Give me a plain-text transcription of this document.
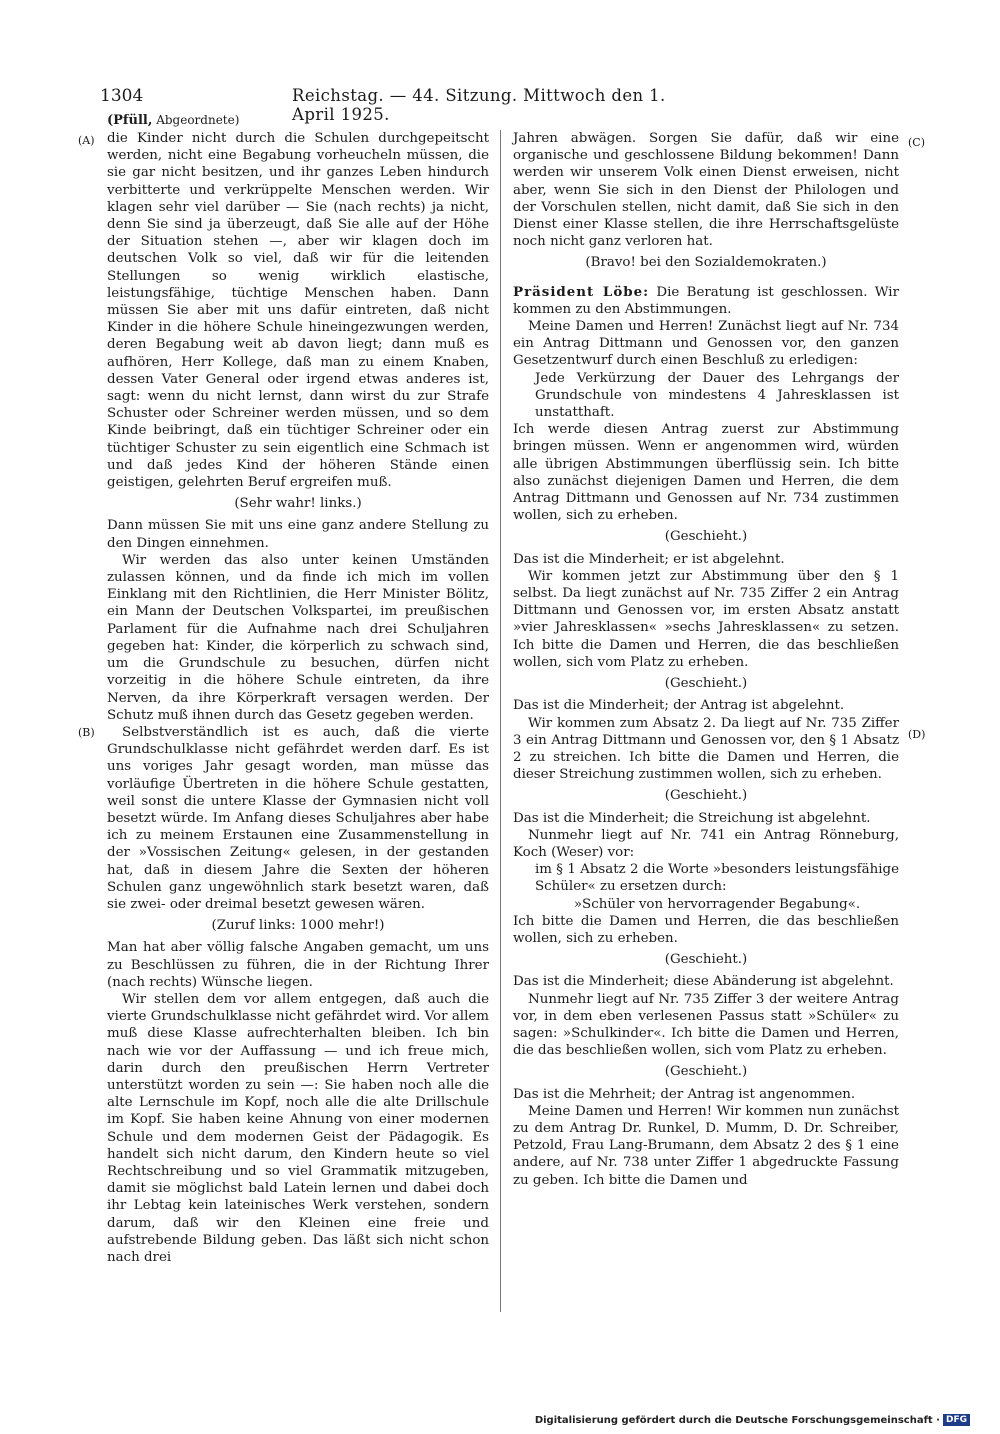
1304	Reichstag. — 44. Sitzung. Mittwoch den 1. April 1925.
(Pfüll, Abgeordnete)
(A)
(B)
(C)
(D)

die Kinder nicht durch die Schulen durchgepeitscht werden, nicht eine Begabung vorheucheln müssen, die sie gar nicht besitzen, und ihr ganzes Leben hindurch verbitterte und verkrüppelte Menschen werden. Wir klagen sehr viel darüber — Sie (nach rechts) ja nicht, denn Sie sind ja überzeugt, daß Sie alle auf der Höhe der Situation stehen —, aber wir klagen doch im deutschen Volk so viel, daß wir für die leitenden Stellungen so wenig wirklich elastische, leistungsfähige, tüchtige Menschen haben. Dann müssen Sie aber mit uns dafür eintreten, daß nicht Kinder in die höhere Schule hineingezwungen werden, deren Begabung weit ab davon liegt; dann muß es aufhören, Herr Kollege, daß man zu einem Knaben, dessen Vater General oder irgend etwas anderes ist, sagt: wenn du nicht lernst, dann wirst du zur Strafe Schuster oder Schreiner werden müssen, und so dem Kinde beibringt, daß ein tüchtiger Schreiner oder ein tüchtiger Schuster zu sein eigentlich eine Schmach ist und daß jedes Kind der höheren Stände einen geistigen, gelehrten Beruf ergreifen muß.

(Sehr wahr! links.)

Dann müssen Sie mit uns eine ganz andere Stellung zu den Dingen einnehmen.

Wir werden das also unter keinen Umständen zulassen können, und da finde ich mich im vollen Einklang mit den Richtlinien, die Herr Minister Bölitz, ein Mann der Deutschen Volkspartei, im preußischen Parlament für die Aufnahme nach drei Schuljahren gegeben hat: Kinder, die körperlich zu schwach sind, um die Grundschule zu besuchen, dürfen nicht vorzeitig in die höhere Schule eintreten, da ihre Nerven, da ihre Körperkraft versagen werden. Der Schutz muß ihnen durch das Gesetz gegeben werden.

Selbstverständlich ist es auch, daß die vierte Grundschulklasse nicht gefährdet werden darf. Es ist uns voriges Jahr gesagt worden, man müsse das vorläufige Übertreten in die höhere Schule gestatten, weil sonst die untere Klasse der Gymnasien nicht voll besetzt würde. Im Anfang dieses Schuljahres aber habe ich zu meinem Erstaunen eine Zusammenstellung in der »Vossischen Zeitung« gelesen, in der gestanden hat, daß in diesem Jahre die Sexten der höheren Schulen ganz ungewöhnlich stark besetzt waren, daß sie zwei- oder dreimal besetzt gewesen wären.

(Zuruf links: 1000 mehr!)

Man hat aber völlig falsche Angaben gemacht, um uns zu Beschlüssen zu führen, die in der Richtung Ihrer (nach rechts) Wünsche liegen.

Wir stellen dem vor allem entgegen, daß auch die vierte Grundschulklasse nicht gefährdet wird. Vor allem muß diese Klasse aufrechterhalten bleiben. Ich bin nach wie vor der Auffassung — und ich freue mich, darin durch den preußischen Herrn Vertreter unterstützt worden zu sein —: Sie haben noch alle die alte Lernschule im Kopf, noch alle die alte Drillschule im Kopf. Sie haben keine Ahnung von einer modernen Schule und dem modernen Geist der Pädagogik. Es handelt sich nicht darum, den Kindern heute so viel Rechtschreibung und so viel Grammatik mitzugeben, damit sie möglichst bald Latein lernen und dabei doch ihr Lebtag kein lateinisches Werk verstehen, sondern darum, daß wir den Kleinen eine freie und aufstrebende Bildung geben. Das läßt sich nicht schon nach drei

Jahren abwägen. Sorgen Sie dafür, daß wir eine organische und geschlossene Bildung bekommen! Dann werden wir unserem Volk einen Dienst erweisen, nicht aber, wenn Sie sich in den Dienst der Philologen und der Vorschulen stellen, nicht damit, daß Sie sich in den Dienst einer Klasse stellen, die ihre Herrschaftsgelüste noch nicht ganz verloren hat.

(Bravo! bei den Sozialdemokraten.)

Präsident Löbe: Die Beratung ist geschlossen. Wir kommen zu den Abstimmungen.

Meine Damen und Herren! Zunächst liegt auf Nr. 734 ein Antrag Dittmann und Genossen vor, den ganzen Gesetzentwurf durch einen Beschluß zu erledigen:

Jede Verkürzung der Dauer des Lehrgangs der Grundschule von mindestens 4 Jahresklassen ist unstatthaft.

Ich werde diesen Antrag zuerst zur Abstimmung bringen müssen. Wenn er angenommen wird, würden alle übrigen Abstimmungen überflüssig sein. Ich bitte also zunächst diejenigen Damen und Herren, die dem Antrag Dittmann und Genossen auf Nr. 734 zustimmen wollen, sich zu erheben.

(Geschieht.)

Das ist die Minderheit; er ist abgelehnt.

Wir kommen jetzt zur Abstimmung über den § 1 selbst. Da liegt zunächst auf Nr. 735 Ziffer 2 ein Antrag Dittmann und Genossen vor, im ersten Absatz anstatt »vier Jahresklassen« »sechs Jahresklassen« zu setzen. Ich bitte die Damen und Herren, die das beschließen wollen, sich vom Platz zu erheben.

(Geschieht.)

Das ist die Minderheit; der Antrag ist abgelehnt.

Wir kommen zum Absatz 2. Da liegt auf Nr. 735 Ziffer 3 ein Antrag Dittmann und Genossen vor, den § 1 Absatz 2 zu streichen. Ich bitte die Damen und Herren, die dieser Streichung zustimmen wollen, sich zu erheben.

(Geschieht.)

Das ist die Minderheit; die Streichung ist abgelehnt.

Nunmehr liegt auf Nr. 741 ein Antrag Rönneburg, Koch (Weser) vor:

im § 1 Absatz 2 die Worte »besonders leistungsfähige Schüler« zu ersetzen durch:

»Schüler von hervorragender Begabung«.

Ich bitte die Damen und Herren, die das beschließen wollen, sich zu erheben.

(Geschieht.)

Das ist die Minderheit; diese Abänderung ist abgelehnt.

Nunmehr liegt auf Nr. 735 Ziffer 3 der weitere Antrag vor, in dem eben verlesenen Passus statt »Schüler« zu sagen: »Schulkinder«. Ich bitte die Damen und Herren, die das beschließen wollen, sich vom Platz zu erheben.

(Geschieht.)

Das ist die Mehrheit; der Antrag ist angenommen.

Meine Damen und Herren! Wir kommen nun zunächst zu dem Antrag Dr. Runkel, D. Mumm, D. Dr. Schreiber, Petzold, Frau Lang-Brumann, dem Absatz 2 des § 1 eine andere, auf Nr. 738 unter Ziffer 1 abgedruckte Fassung zu geben. Ich bitte die Damen und

Digitalisierung gefördert durch die Deutsche Forschungsgemeinschaft · DFG
